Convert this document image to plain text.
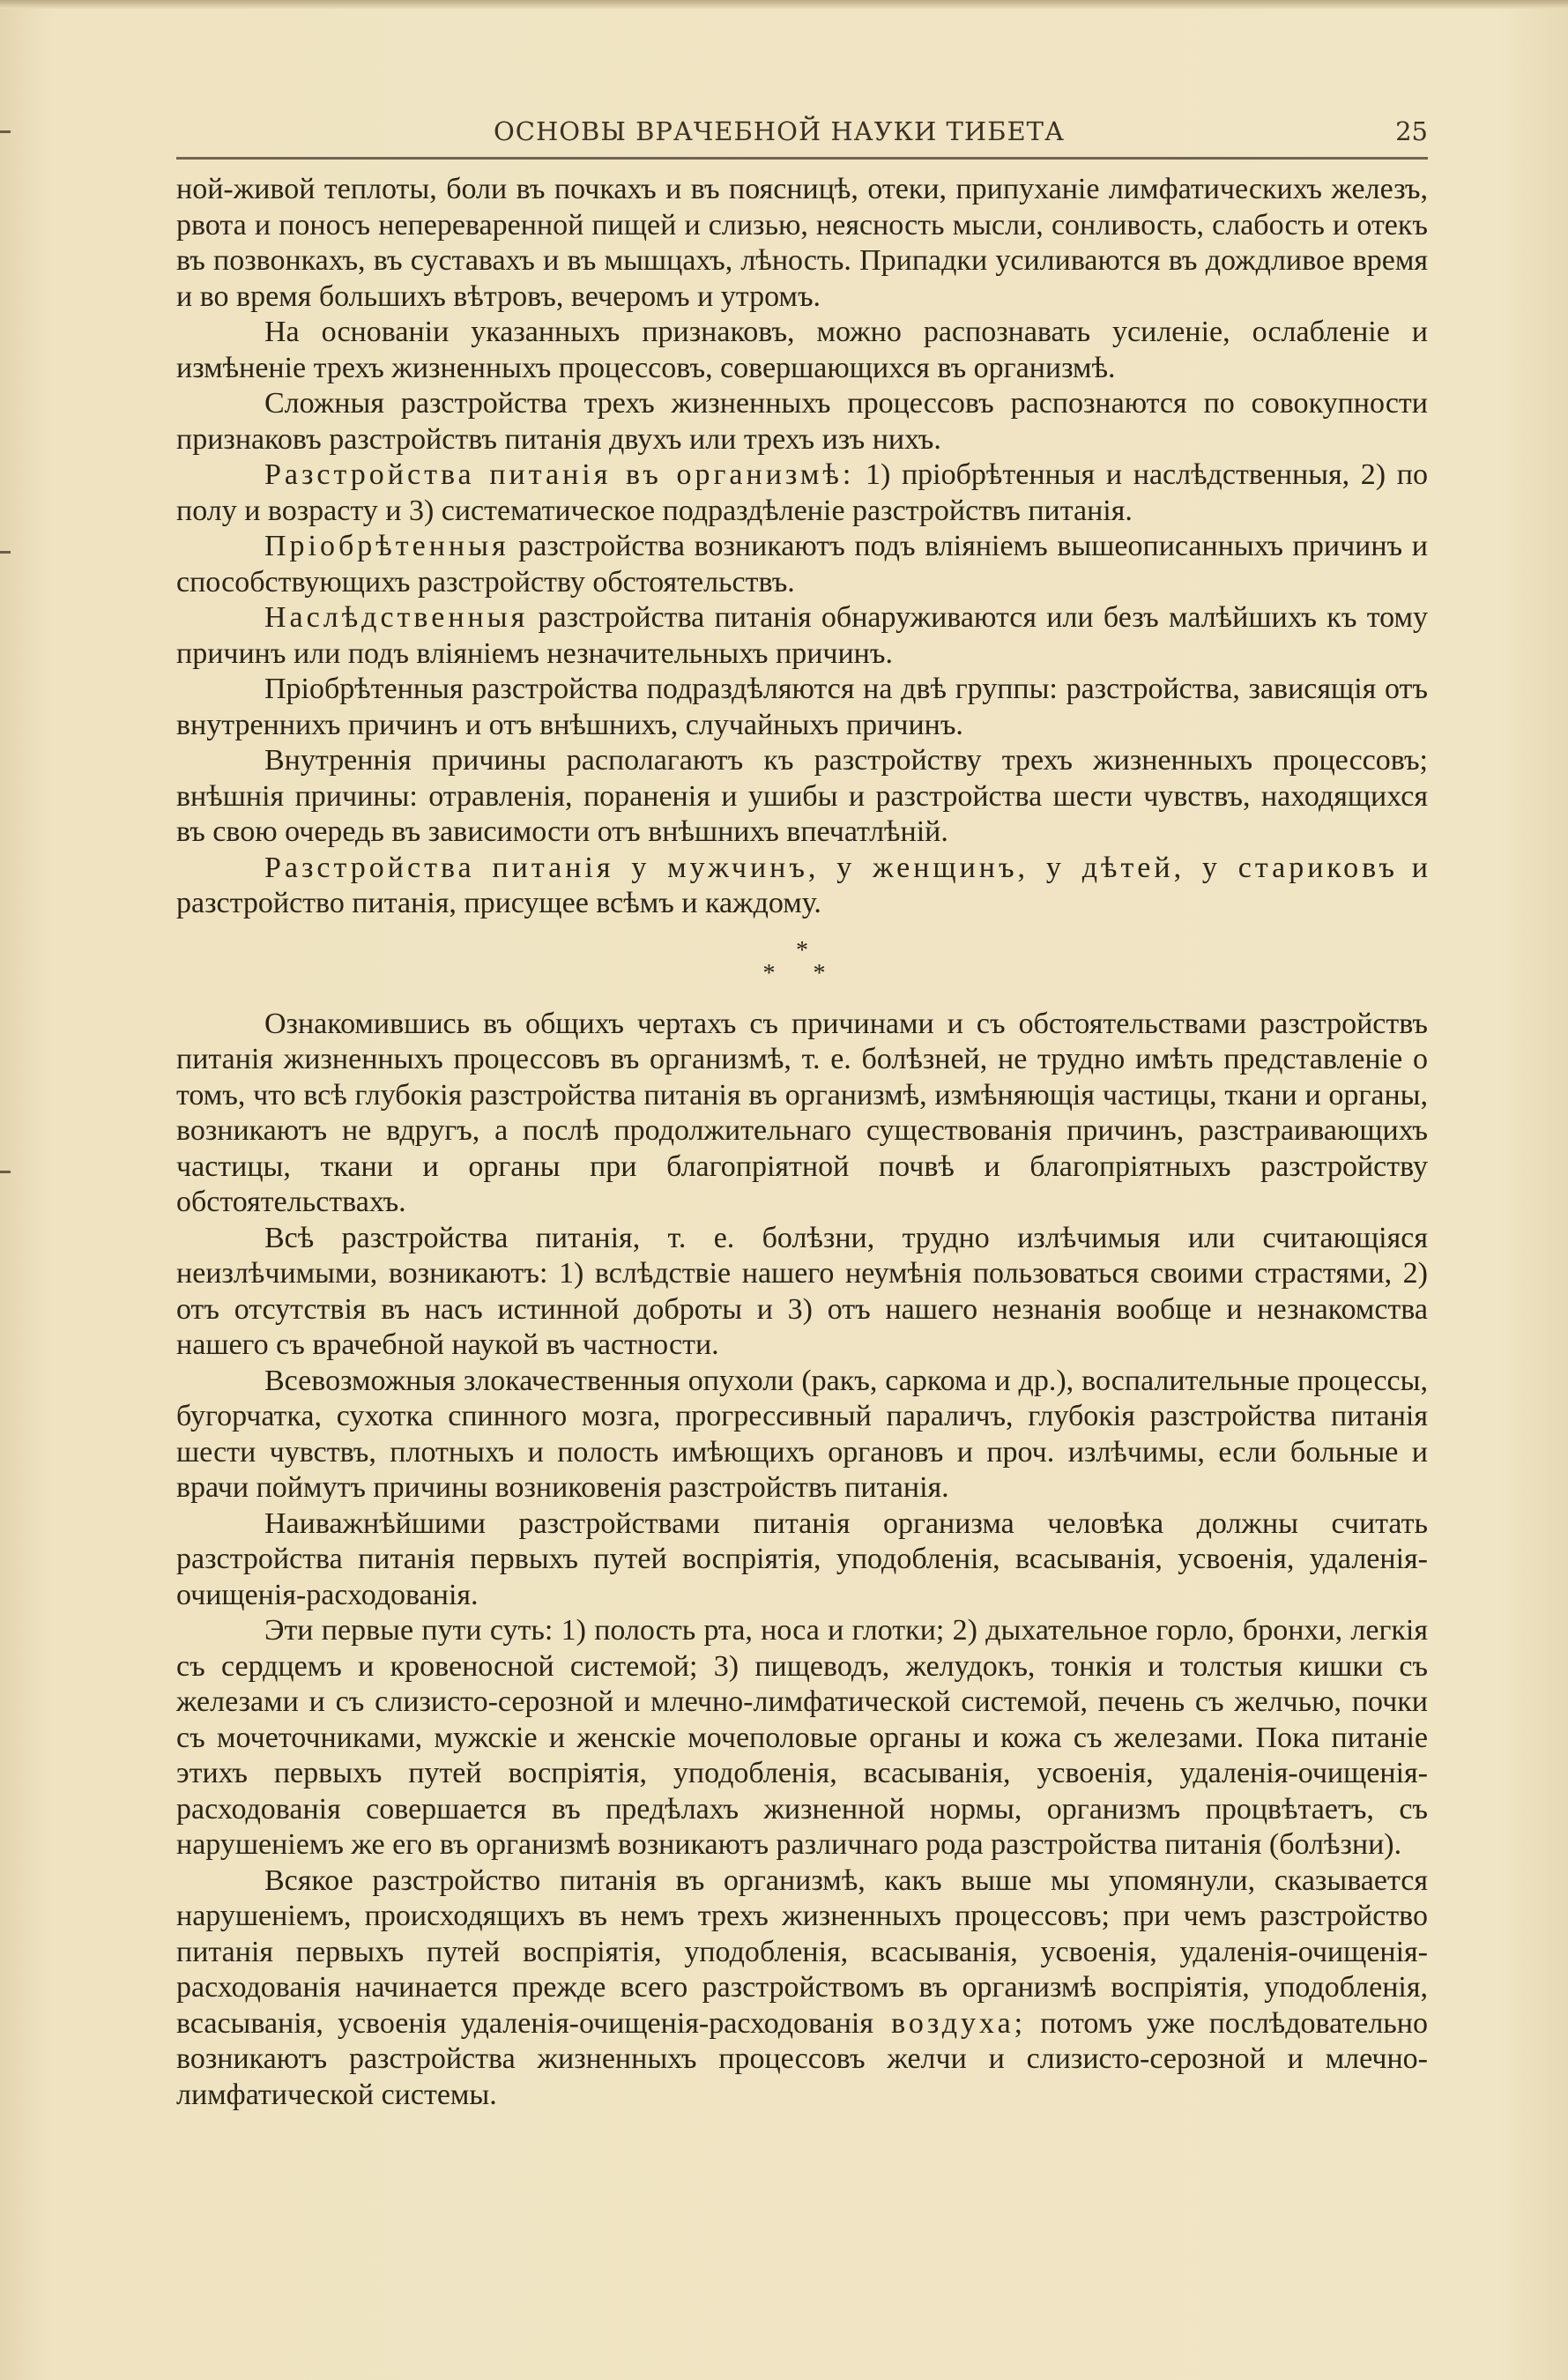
ОСНОВЫ ВРАЧЕБНОЙ НАУКИ ТИБЕТА	25

ной-живой теплоты, боли въ почкахъ и въ поясницѣ, отеки, припуханіе лимфатическихъ железъ, рвота и поносъ непереваренной пищей и слизью, неясность мысли, сонливость, слабость и отекъ въ позвонкахъ, въ суставахъ и въ мышцахъ, лѣность. Припадки усиливаются въ дождливое время и во время большихъ вѣтровъ, вечеромъ и утромъ.

На основаніи указанныхъ признаковъ, можно распознавать усиленіе, ослабленіе и измѣненіе трехъ жизненныхъ процессовъ, совершающихся въ организмѣ.

Сложныя разстройства трехъ жизненныхъ процессовъ распознаются по совокупности признаковъ разстройствъ питанія двухъ или трехъ изъ нихъ.

Разстройства питанія въ организмѣ: 1) пріобрѣтенныя и наслѣдственныя, 2) по полу и возрасту и 3) систематическое подраздѣленіе разстройствъ питанія.

Пріобрѣтенныя разстройства возникаютъ подъ вліяніемъ вышеописанныхъ причинъ и способствующихъ разстройству обстоятельствъ.

Наслѣдственныя разстройства питанія обнаруживаются или безъ малѣйшихъ къ тому причинъ или подъ вліяніемъ незначительныхъ причинъ.

Пріобрѣтенныя разстройства подраздѣляются на двѣ группы: разстройства, зависящія отъ внутреннихъ причинъ и отъ внѣшнихъ, случайныхъ причинъ.

Внутреннія причины располагаютъ къ разстройству трехъ жизненныхъ процессовъ; внѣшнія причины: отравленія, пораненія и ушибы и разстройства шести чувствъ, находящихся въ свою очередь въ зависимости отъ внѣшнихъ впечатлѣній.

Разстройства питанія у мужчинъ, у женщинъ, у дѣтей, у стариковъ и разстройство питанія, присущее всѣмъ и каждому.

*
* *

Ознакомившись въ общихъ чертахъ съ причинами и съ обстоятельствами разстройствъ питанія жизненныхъ процессовъ въ организмѣ, т. е. болѣзней, не трудно имѣть представленіе о томъ, что всѣ глубокія разстройства питанія въ организмѣ, измѣняющія частицы, ткани и органы, возникаютъ не вдругъ, а послѣ продолжительнаго существованія причинъ, разстраивающихъ частицы, ткани и органы при благопріятной почвѣ и благопріятныхъ разстройству обстоятельствахъ.

Всѣ разстройства питанія, т. е. болѣзни, трудно излѣчимыя или считающіяся неизлѣчимыми, возникаютъ: 1) вслѣдствіе нашего неумѣнія пользоваться своими страстями, 2) отъ отсутствія въ насъ истинной доброты и 3) отъ нашего незнанія вообще и незнакомства нашего съ врачебной наукой въ частности.

Всевозможныя злокачественныя опухоли (ракъ, саркома и др.), воспалительные процессы, бугорчатка, сухотка спинного мозга, прогрессивный параличъ, глубокія разстройства питанія шести чувствъ, плотныхъ и полость имѣющихъ органовъ и проч. излѣчимы, если больные и врачи поймутъ причины возниковенія разстройствъ питанія.

Наиважнѣйшими разстройствами питанія организма человѣка должны считать разстройства питанія первыхъ путей воспріятія, уподобленія, всасыванія, усвоенія, удаленія-очищенія-расходованія.

Эти первые пути суть: 1) полость рта, носа и глотки; 2) дыхательное горло, бронхи, легкія съ сердцемъ и кровеносной системой; 3) пищеводъ, желудокъ, тонкія и толстыя кишки съ железами и съ слизисто-серозной и млечно-лимфатической системой, печень съ желчью, почки съ мочеточниками, мужскіе и женскіе мочеполовые органы и кожа съ железами. Пока питаніе этихъ первыхъ путей воспріятія, уподобленія, всасыванія, усвоенія, удаленія-очищенія-расходованія совершается въ предѣлахъ жизненной нормы, организмъ процвѣтаетъ, съ нарушеніемъ же его въ организмѣ возникаютъ различнаго рода разстройства питанія (болѣзни).

Всякое разстройство питанія въ организмѣ, какъ выше мы упомянули, сказывается нарушеніемъ, происходящихъ въ немъ трехъ жизненныхъ процессовъ; при чемъ разстройство питанія первыхъ путей воспріятія, уподобленія, всасыванія, усвоенія, удаленія-очищенія-расходованія начинается прежде всего разстройствомъ въ организмѣ воспріятія, уподобленія, всасыванія, усвоенія удаленія-очищенія-расходованія воздуха; потомъ уже послѣдовательно возникаютъ разстройства жизненныхъ процессовъ желчи и слизисто-серозной и млечно-лимфатической системы.
